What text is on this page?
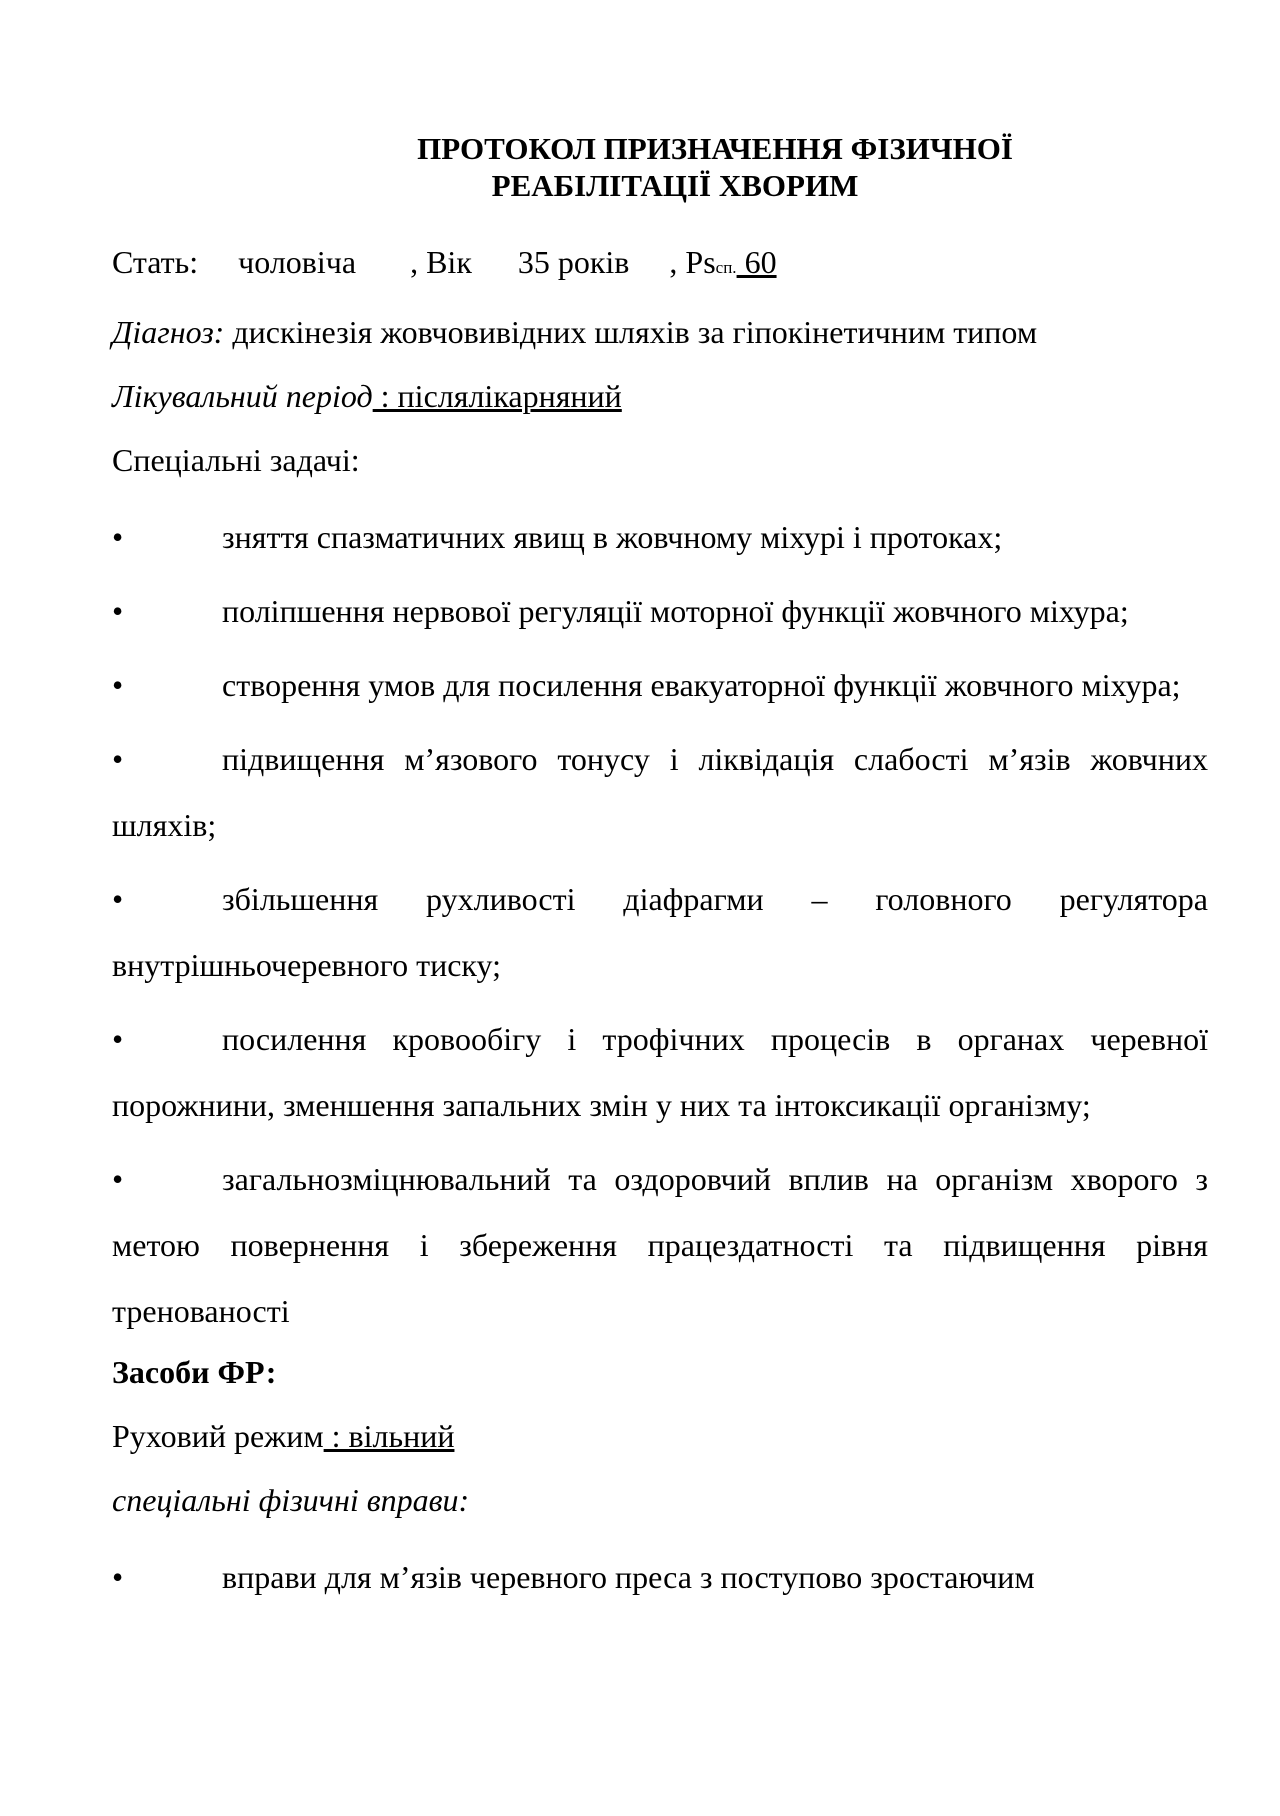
ПРОТОКОЛ ПРИЗНАЧЕННЯ ФІЗИЧНОЇ
РЕАБІЛІТАЦІЇ ХВОРИМ
Стать: чоловіча , Вік 35 років , Psсп. 60
Діагноз: дискінезія жовчовивідних шляхів за гіпокінетичним типом
Лікувальний період : післялікарняний
Спеціальні задачі:
•	зняття спазматичних явищ в жовчному міхурі і протоках;
•	поліпшення нервової регуляції моторної функції жовчного міхура;
•	створення умов для посилення евакуаторної функції жовчного міхура;
•	підвищення м’язового тонусу і ліквідація слабості м’язів жовчних шляхів;
•	збільшення рухливості діафрагми – головного регулятора внутрішньочеревного тиску;
•	посилення кровообігу і трофічних процесів в органах черевної порожнини, зменшення запальних змін у них та інтоксикації організму;
•	загальнозміцнювальний та оздоровчий вплив на організм хворого з метою повернення і збереження працездатності та підвищення рівня тренованості
Засоби ФР:
Руховий режим : вільний
спеціальні фізичні вправи:
•	вправи для м’язів черевного преса з поступово зростаючим
